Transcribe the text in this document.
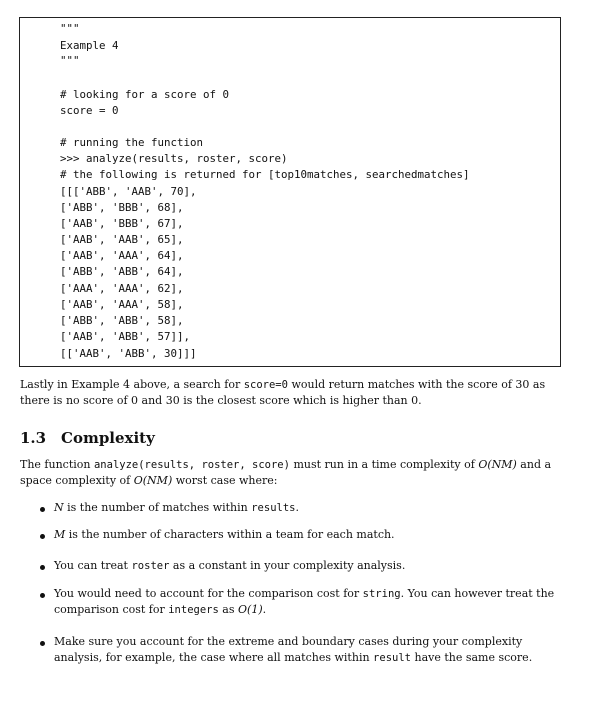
"""
Example 4
"""
# looking for a score of 0
score = 0
# running the function
>>> analyze(results, roster, score)
# the following is returned for [top10matches, searchedmatches]
[[['ABB', 'AAB', 70],
['ABB', 'BBB', 68],
['AAB', 'BBB', 67],
['AAB', 'AAB', 65],
['AAB', 'AAA', 64],
['ABB', 'ABB', 64],
['AAA', 'AAA', 62],
['AAB', 'AAA', 58],
['ABB', 'ABB', 58],
['AAB', 'ABB', 57]],
[['AAB', 'ABB', 30]]]
Lastly in Example 4 above, a search for score=0 would return matches with the score of 30 as there is no score of 0 and 30 is the closest score which is higher than 0.
1.3 Complexity
The function analyze(results, roster, score) must run in a time complexity of O(NM) and a space complexity of O(NM) worst case where:
N is the number of matches within results.
M is the number of characters within a team for each match.
You can treat roster as a constant in your complexity analysis.
You would need to account for the comparison cost for string. You can however treat the comparison cost for integers as O(1).
Make sure you account for the extreme and boundary cases during your complexity analysis, for example, the case where all matches within result have the same score.
